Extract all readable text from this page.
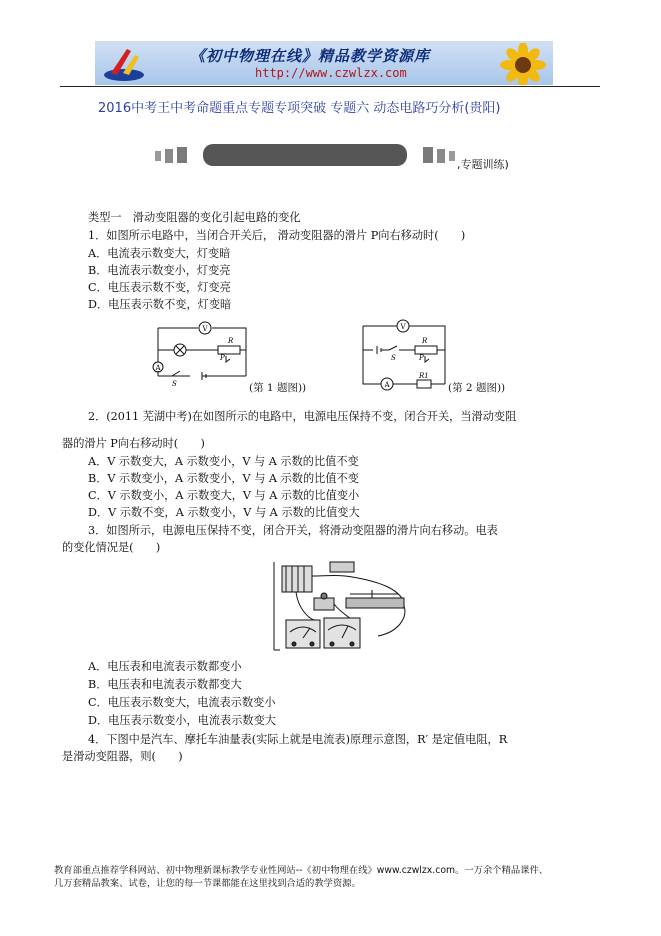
《初中物理在线》精品教学资源库
http://www.czwlzx.com
2016中考王中考命题重点专题专项突破 专题六 动态电路巧分析(贵阳)
,专题训练)
类型一　滑动变阻器的变化引起电路的变化
1．如图所示电路中，当闭合开关后， 滑动变阻器的滑片 P向右移动时(　　)
A．电流表示数变大，灯变暗
B．电流表示数变小，灯变亮
C．电压表示数不变，灯变亮
D．电压表示数不变，灯变暗
V
A
R
P
S	(第 1 题图))
V
A
S
R
P
R1
(第 2 题图))
2．(2011 芜湖中考)在如图所示的电路中，电源电压保持不变，闭合开关，当滑动变阻
器的滑片 P向右移动时(　　)
A．V 示数变大，A 示数变小，V 与 A 示数的比值不变
B．V 示数变小，A 示数变小，V 与 A 示数的比值不变
C．V 示数变小，A 示数变大，V 与 A 示数的比值变小
D．V 示数不变，A 示数变小，V 与 A 示数的比值变大
3．如图所示，电源电压保持不变，闭合开关，将滑动变阻器的滑片向右移动。电表
的变化情况是(　　)
A．电压表和电流表示数都变小
B．电压表和电流表示数都变大
C．电压表示数变大，电流表示数变小
D．电压表示数变小，电流表示数变大
4．下图中是汽车、摩托车油量表(实际上就是电流表)原理示意图，R′ 是定值电阻，R
是滑动变阻器，则(　　)
教育部重点推荐学科网站、初中物理新课标教学专业性网站--《初中物理在线》www.czwlzx.com。一万余个精品课件、
几万套精品教案、试卷，让您的每一节课都能在这里找到合适的教学资源。
